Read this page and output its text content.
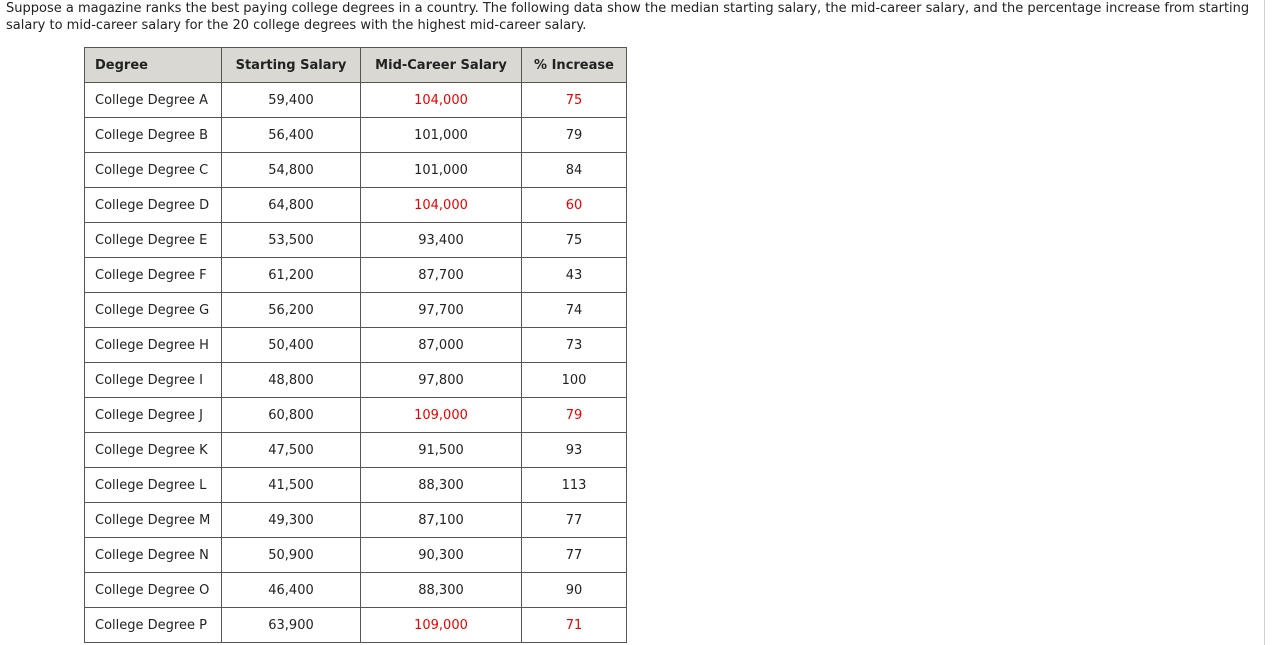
Suppose a magazine ranks the best paying college degrees in a country. The following data show the median starting salary, the mid-career salary, and the percentage increase from starting salary to mid-career salary for the 20 college degrees with the highest mid-career salary.

Degree	Starting Salary	Mid-Career Salary	% Increase
College Degree A	59,400	104,000	75
College Degree B	56,400	101,000	79
College Degree C	54,800	101,000	84
College Degree D	64,800	104,000	60
College Degree E	53,500	93,400	75
College Degree F	61,200	87,700	43
College Degree G	56,200	97,700	74
College Degree H	50,400	87,000	73
College Degree I	48,800	97,800	100
College Degree J	60,800	109,000	79
College Degree K	47,500	91,500	93
College Degree L	41,500	88,300	113
College Degree M	49,300	87,100	77
College Degree N	50,900	90,300	77
College Degree O	46,400	88,300	90
College Degree P	63,900	109,000	71
